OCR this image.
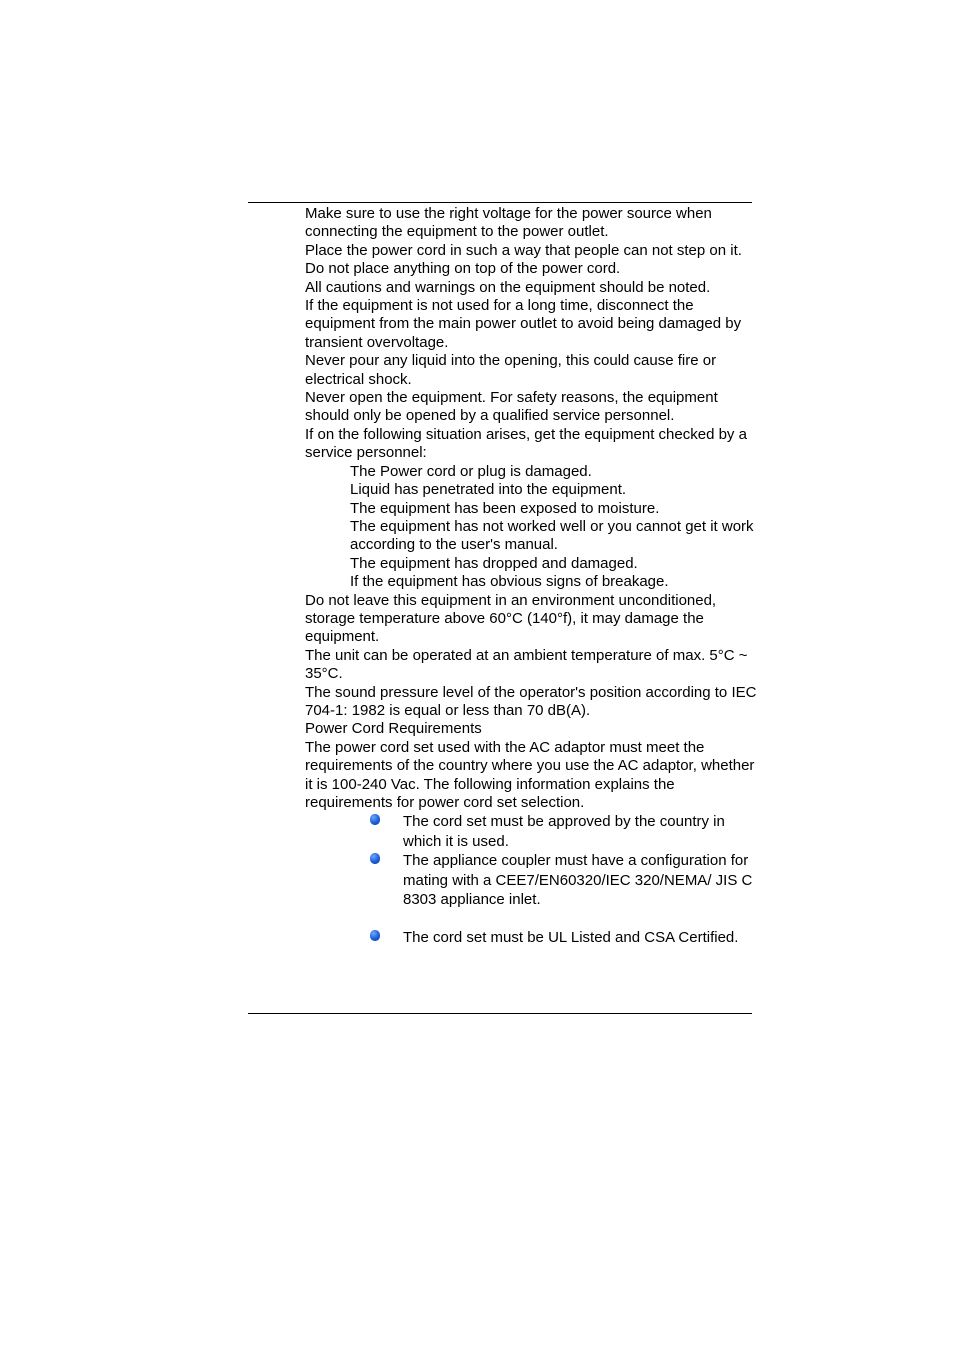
Make sure to use the right voltage for the power source when connecting the equipment to the power outlet.

Place the power cord in such a way that people can not step on it. Do not place anything on top of the power cord.

All cautions and warnings on the equipment should be noted.

If the equipment is not used for a long time, disconnect the equipment from the main power outlet to avoid being damaged by transient overvoltage.

Never pour any liquid into the opening, this could cause fire or electrical shock.

Never open the equipment. For safety reasons, the equipment should only be opened by a qualified service personnel.

If on the following situation arises, get the equipment checked by a service personnel:

The Power cord or plug is damaged.

Liquid has penetrated into the equipment.

The equipment has been exposed to moisture.

The equipment has not worked well or you cannot get it work according to the user's manual.

The equipment has dropped and damaged.

If the equipment has obvious signs of breakage.

Do not leave this equipment in an environment unconditioned, storage temperature above 60°C (140°f), it may damage the equipment.

The unit can be operated at an ambient temperature of max. 5°C ~ 35°C.

The sound pressure level of the operator's position according to IEC 704-1: 1982 is equal or less than 70 dB(A).

Power Cord Requirements

The power cord set used with the AC adaptor must meet the requirements of the country where you use the AC adaptor, whether it is 100-240 Vac. The following information explains the requirements for power cord set selection.

The cord set must be approved by the country in which it is used.
The appliance coupler must have a configuration for mating with a CEE7/EN60320/IEC 320/NEMA/ JIS C 8303 appliance inlet.
The cord set must be UL Listed and CSA Certified.
